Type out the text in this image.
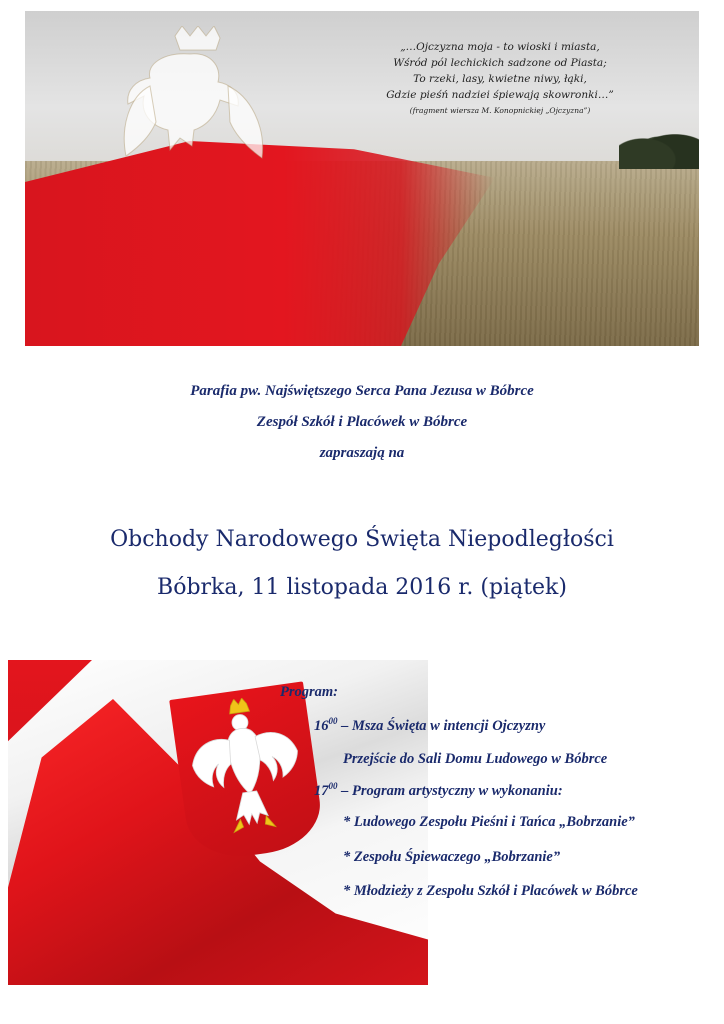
„…Ojczyzna moja - to wioski i miasta,
Wśród pól lechickich sadzone od Piasta;
To rzeki, lasy, kwietne niwy, łąki,
Gdzie pieśń nadziei śpiewają skowronki…”
(fragment wiersza M. Konopnickiej „Ojczyzna”)
Parafia pw. Najświętszego Serca Pana Jezusa w Bóbrce
Zespół Szkół i Placówek w Bóbrce
zapraszają na
Obchody Narodowego Święta Niepodległości
Bóbrka, 11 listopada 2016 r. (piątek)
Program:
$16^{00}$ – Msza Święta w intencji Ojczyzny
Przejście do Sali Domu Ludowego w Bóbrce
$17^{00}$ – Program artystyczny w wykonaniu:
* Ludowego Zespołu Pieśni i Tańca „Bobrzanie”
* Zespołu Śpiewaczego „Bobrzanie”
* Młodzieży z Zespołu Szkół i Placówek w Bóbrce
